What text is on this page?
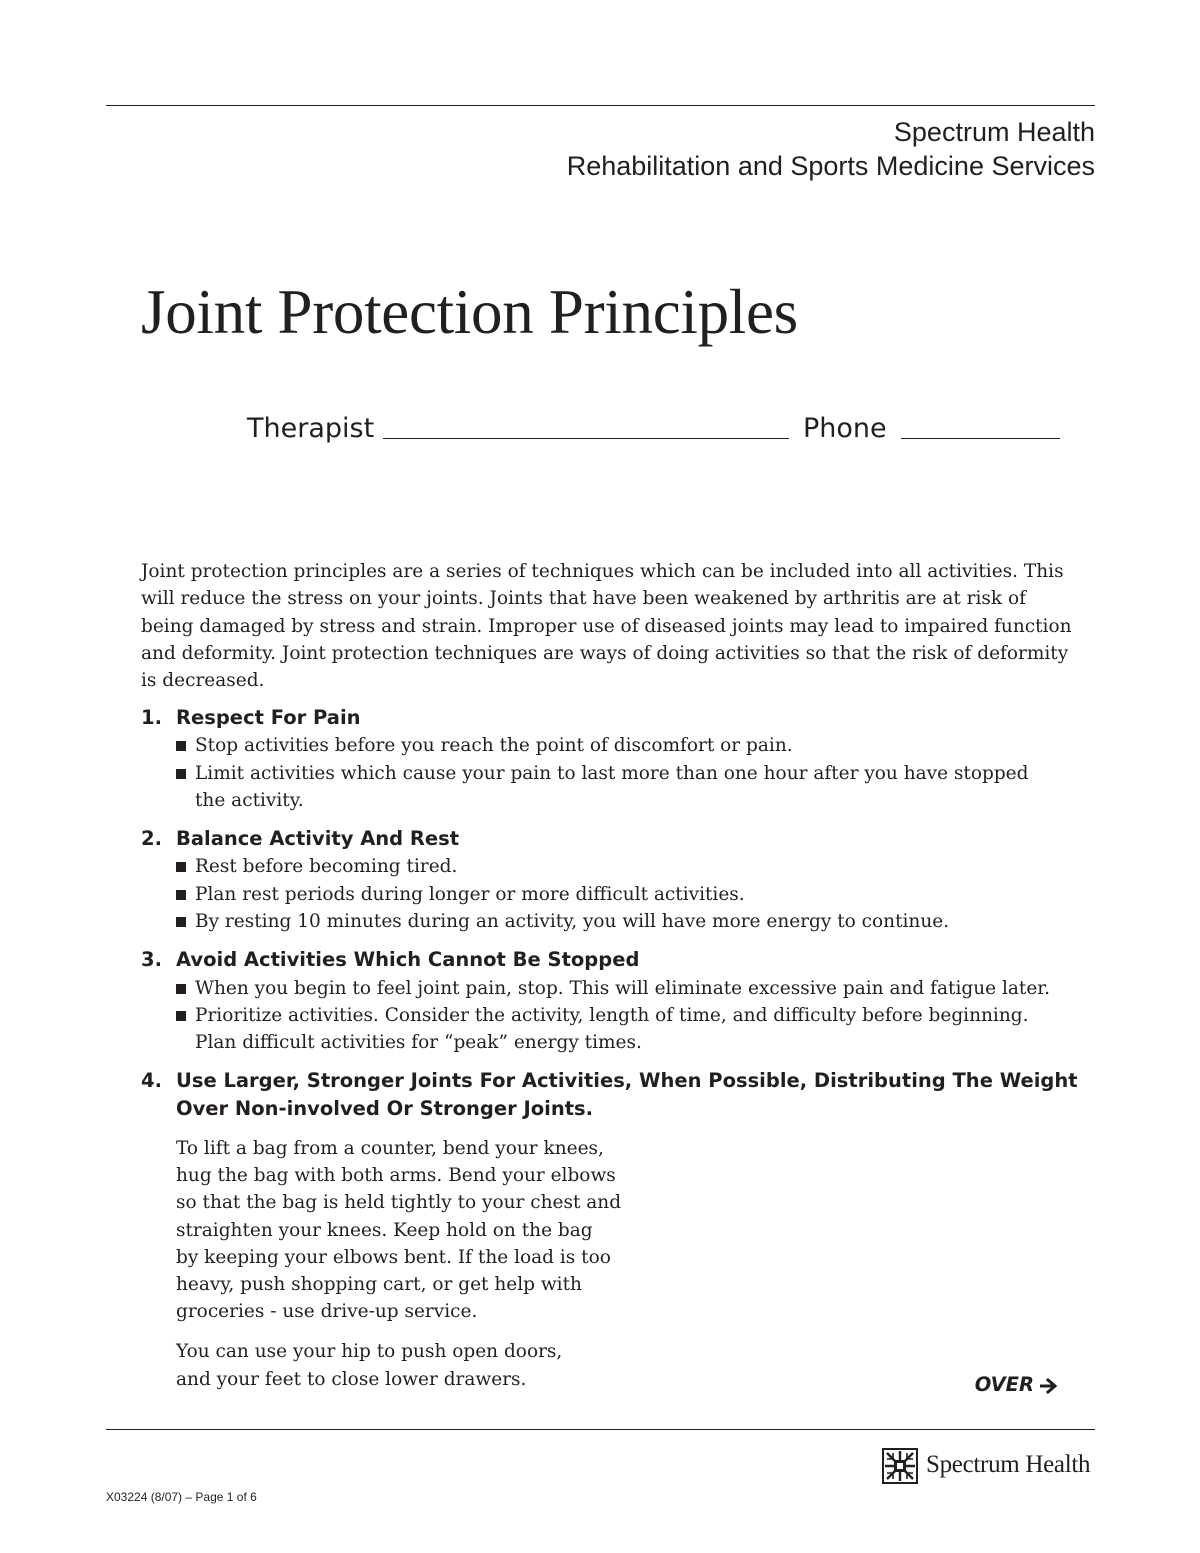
Spectrum Health
Rehabilitation and Sports Medicine Services
Joint Protection Principles
Therapist	Phone
Joint protection principles are a series of techniques which can be included into all activities. This will reduce the stress on your joints. Joints that have been weakened by arthritis are at risk of being damaged by stress and strain. Improper use of diseased joints may lead to impaired function and deformity. Joint protection techniques are ways of doing activities so that the risk of deformity is decreased.
1. Respect For Pain
Stop activities before you reach the point of discomfort or pain.
Limit activities which cause your pain to last more than one hour after you have stopped
the activity.
2. Balance Activity And Rest
Rest before becoming tired.
Plan rest periods during longer or more difficult activities.
By resting 10 minutes during an activity, you will have more energy to continue.
3. Avoid Activities Which Cannot Be Stopped
When you begin to feel joint pain, stop. This will eliminate excessive pain and fatigue later.
Prioritize activities. Consider the activity, length of time, and difficulty before beginning.
Plan difficult activities for “peak” energy times.
4. Use Larger, Stronger Joints For Activities, When Possible, Distributing The Weight
Over Non-involved Or Stronger Joints.
To lift a bag from a counter, bend your knees,
hug the bag with both arms. Bend your elbows
so that the bag is held tightly to your chest and
straighten your knees. Keep hold on the bag
by keeping your elbows bent. If the load is too
heavy, push shopping cart, or get help with
groceries - use drive-up service.
You can use your hip to push open doors,
and your feet to close lower drawers.	OVER
Spectrum Health
X03224 (8/07) – Page 1 of 6
